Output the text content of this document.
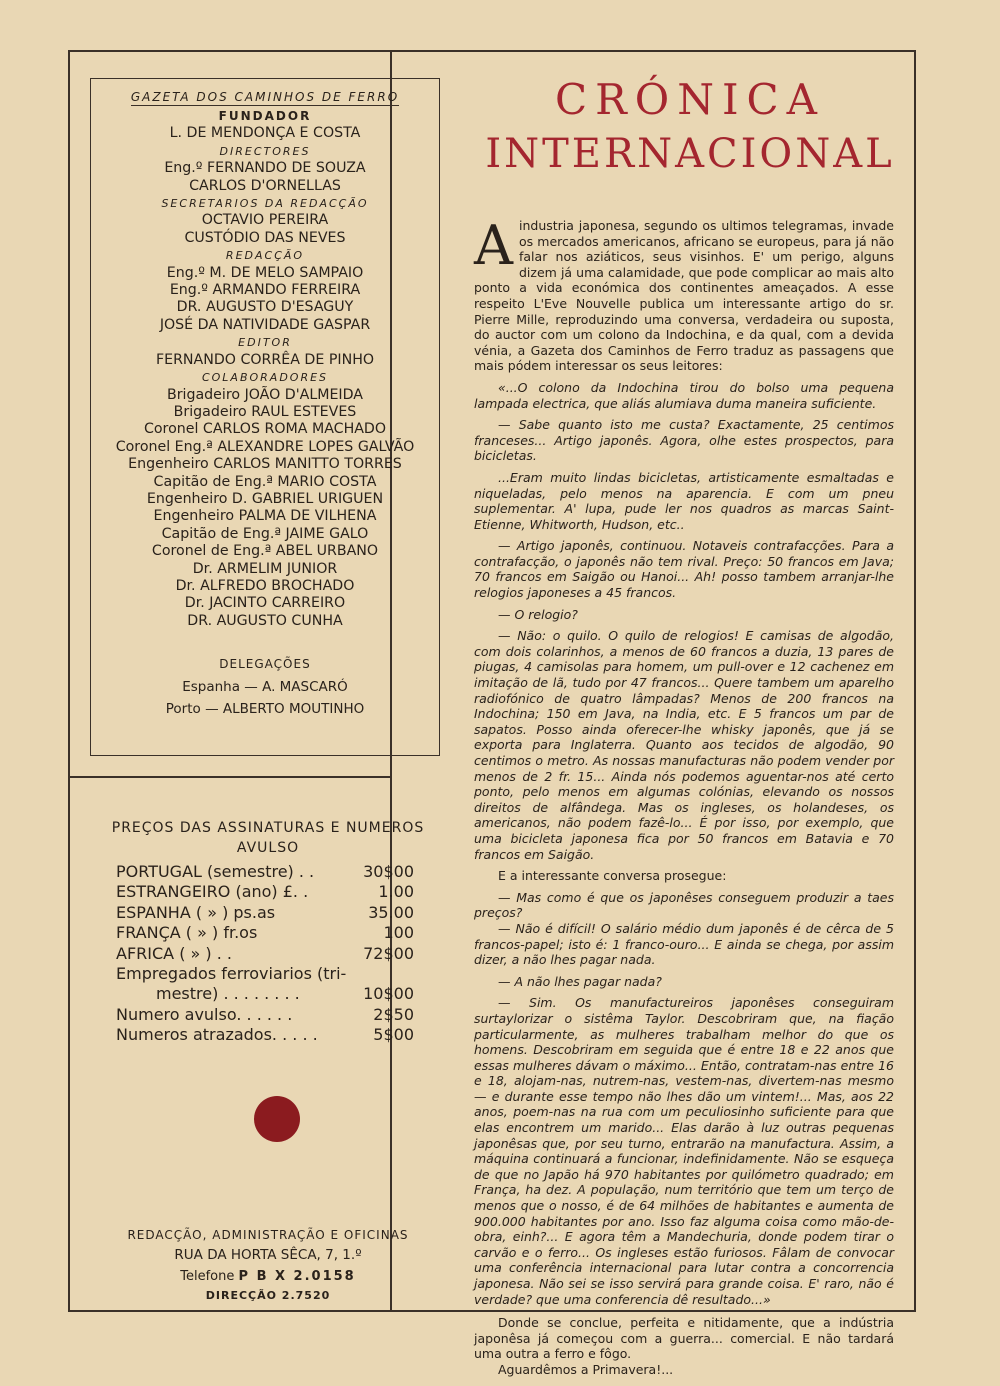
GAZETA DOS CAMINHOS DE FERRO
FUNDADOR
L. DE MENDONÇA E COSTA
DIRECTORES
Eng.º FERNANDO DE SOUZA
CARLOS D'ORNELLAS
SECRETARIOS DA REDACÇÃO
OCTAVIO PEREIRA
CUSTÓDIO DAS NEVES
REDACÇÃO
Eng.º M. DE MELO SAMPAIO
Eng.º ARMANDO FERREIRA
DR. AUGUSTO D'ESAGUY
JOSÉ DA NATIVIDADE GASPAR
EDITOR
FERNANDO CORRÊA DE PINHO
COLABORADORES
Brigadeiro JOÃO D'ALMEIDA
Brigadeiro RAUL ESTEVES
Coronel CARLOS ROMA MACHADO
Coronel Eng.ª ALEXANDRE LOPES GALVÃO
Engenheiro CARLOS MANITTO TORRES
Capitão de Eng.ª MARIO COSTA
Engenheiro D. GABRIEL URIGUEN
Engenheiro PALMA DE VILHENA
Capitão de Eng.ª JAIME GALO
Coronel de Eng.ª ABEL URBANO
Dr. ARMELIM JUNIOR
Dr. ALFREDO BROCHADO
Dr. JACINTO CARREIRO
DR. AUGUSTO CUNHA
DELEGAÇÕES
Espanha — A. MASCARÓ
Porto — ALBERTO MOUTINHO
PREÇOS DAS ASSINATURAS E NUMEROS
AVULSO
PORTUGAL (semestre) . .	30$00
ESTRANGEIRO (ano) £. .	1.00
ESPANHA ( » ) ps.as	35.00
FRANÇA ( » ) fr.os	100
AFRICA ( » ) . .	72$00
Empregados ferroviarios (tri-
mestre) . . . . . . . .	10$00
Numero avulso. . . . . .	2$50
Numeros atrazados. . . . .	5$00
REDACÇÃO, ADMINISTRAÇÃO E OFICINAS
RUA DA HORTA SÊCA, 7, 1.º
Telefone P B X 2.0158
DIRECÇÃO 2.7520
CRÓNICA
INTERNACIONAL

Aindustria japonesa, segundo os ultimos telegramas, invade os mercados americanos, africano se europeus, para já não falar nos aziáticos, seus visinhos. E' um perigo, alguns dizem já uma calamidade, que pode complicar ao mais alto ponto a vida económica dos continentes ameaçados. A esse respeito L'Eve Nouvelle publica um interessante artigo do sr. Pierre Mille, reproduzindo uma conversa, verdadeira ou suposta, do auctor com um colono da Indochina, e da qual, com a devida vénia, a Gazeta dos Caminhos de Ferro traduz as passagens que mais pódem interessar os seus leitores:

«...O colono da Indochina tirou do bolso uma pequena lampada electrica, que aliás alumiava duma maneira suficiente.

— Sabe quanto isto me custa? Exactamente, 25 centimos franceses... Artigo japonês. Agora, olhe estes prospectos, para bicicletas.

...Eram muito lindas bicicletas, artisticamente esmaltadas e niqueladas, pelo menos na aparencia. E com um pneu suplementar. A' lupa, pude ler nos quadros as marcas Saint-Etienne, Whitworth, Hudson, etc..

— Artigo japonês, continuou. Notaveis contrafacções. Para a contrafacção, o japonês não tem rival. Preço: 50 francos em Java; 70 francos em Saigão ou Hanoi... Ah! posso tambem arranjar-lhe relogios japoneses a 45 francos.

— O relogio?

— Não: o quilo. O quilo de relogios! E camisas de algodão, com dois colarinhos, a menos de 60 francos a duzia, 13 pares de piugas, 4 camisolas para homem, um pull-over e 12 cachenez em imitação de lã, tudo por 47 francos... Quere tambem um aparelho radiofónico de quatro lâmpadas? Menos de 200 francos na Indochina; 150 em Java, na India, etc. E 5 francos um par de sapatos. Posso ainda oferecer-lhe whisky japonês, que já se exporta para Inglaterra. Quanto aos tecidos de algodão, 90 centimos o metro. As nossas manufacturas não podem vender por menos de 2 fr. 15... Ainda nós podemos aguentar-nos até certo ponto, pelo menos em algumas colónias, elevando os nossos direitos de alfândega. Mas os ingleses, os holandeses, os americanos, não podem fazê-lo... É por isso, por exemplo, que uma bicicleta japonesa fica por 50 francos em Batavia e 70 francos em Saigão.

E a interessante conversa prosegue:

— Mas como é que os japonêses conseguem produzir a taes preços?

— Não é difícil! O salário médio dum japonês é de cêrca de 5 francos-papel; isto é: 1 franco-ouro... E ainda se chega, por assim dizer, a não lhes pagar nada.

— A não lhes pagar nada?

— Sim. Os manufactureiros japonêses conseguiram surtaylorizar o sistêma Taylor. Descobriram que, na fiação particularmente, as mulheres trabalham melhor do que os homens. Descobriram em seguida que é entre 18 e 22 anos que essas mulheres dávam o máximo... Então, contratam-nas entre 16 e 18, alojam-nas, nutrem-nas, vestem-nas, divertem-nas mesmo — e durante esse tempo não lhes dão um vintem!... Mas, aos 22 anos, poem-nas na rua com um peculiosinho suficiente para que elas encontrem um marido... Elas darão à luz outras pequenas japonêsas que, por seu turno, entrarão na manufactura. Assim, a máquina continuará a funcionar, indefinidamente. Não se esqueça de que no Japão há 970 habitantes por quilómetro quadrado; em França, ha dez. A população, num território que tem um terço de menos que o nosso, é de 64 milhões de habitantes e aumenta de 900.000 habitantes por ano. Isso faz alguma coisa como mão-de-obra, einh?... E agora têm a Mandechuria, donde podem tirar o carvão e o ferro... Os ingleses estão furiosos. Fâlam de convocar uma conferência internacional para lutar contra a concorrencia japonesa. Não sei se isso servirá para grande coisa. E' raro, não é verdade? que uma conferencia dê resultado...»

Donde se conclue, perfeita e nitidamente, que a indústria japonêsa já começou com a guerra... comercial. E não tardará uma outra a ferro e fôgo.

Aguardêmos a Primavera!...
